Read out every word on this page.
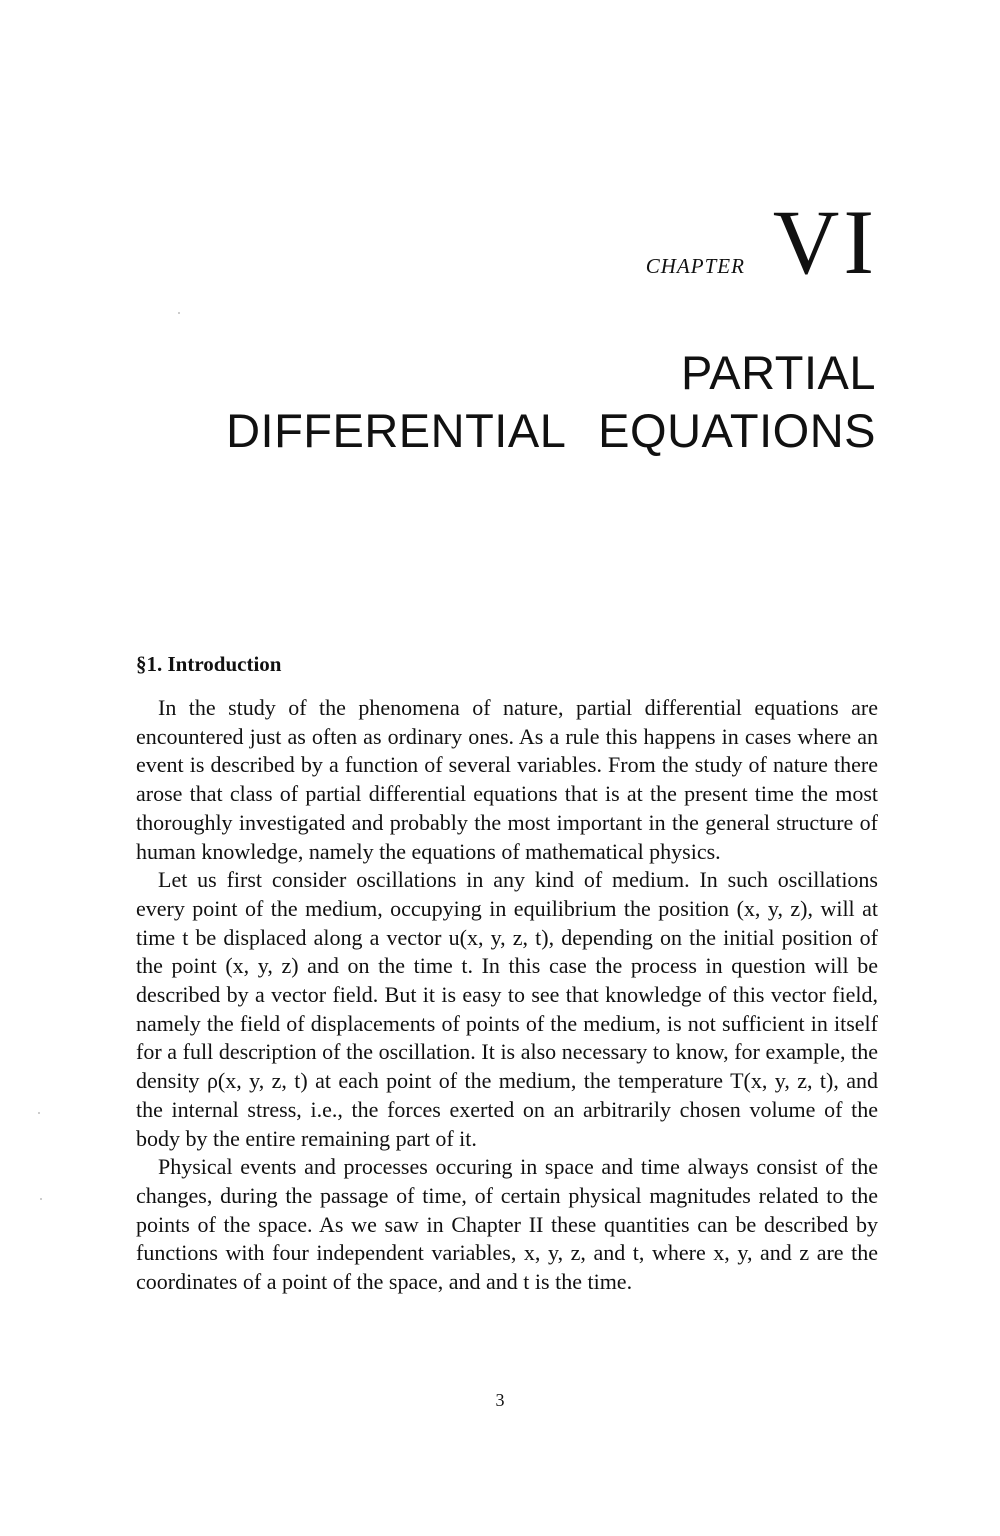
CHAPTER VI
PARTIAL
DIFFERENTIAL EQUATIONS
§1. Introduction

In the study of the phenomena of nature, partial differential equations are encountered just as often as ordinary ones. As a rule this happens in cases where an event is described by a function of several variables. From the study of nature there arose that class of partial differential equations that is at the present time the most thoroughly investigated and probably the most important in the general structure of human knowledge, namely the equations of mathematical physics.

Let us first consider oscillations in any kind of medium. In such oscillations every point of the medium, occupying in equilibrium the position (x, y, z), will at time t be displaced along a vector u(x, y, z, t), depending on the initial position of the point (x, y, z) and on the time t. In this case the process in question will be described by a vector field. But it is easy to see that knowledge of this vector field, namely the field of displacements of points of the medium, is not sufficient in itself for a full description of the oscillation. It is also necessary to know, for example, the density ρ(x, y, z, t) at each point of the medium, the temperature T(x, y, z, t), and the internal stress, i.e., the forces exerted on an arbitrarily chosen volume of the body by the entire remaining part of it.

Physical events and processes occuring in space and time always consist of the changes, during the passage of time, of certain physical magnitudes related to the points of the space. As we saw in Chapter II these quantities can be described by functions with four independent variables, x, y, z, and t, where x, y, and z are the coordinates of a point of the space, and and t is the time.

3
